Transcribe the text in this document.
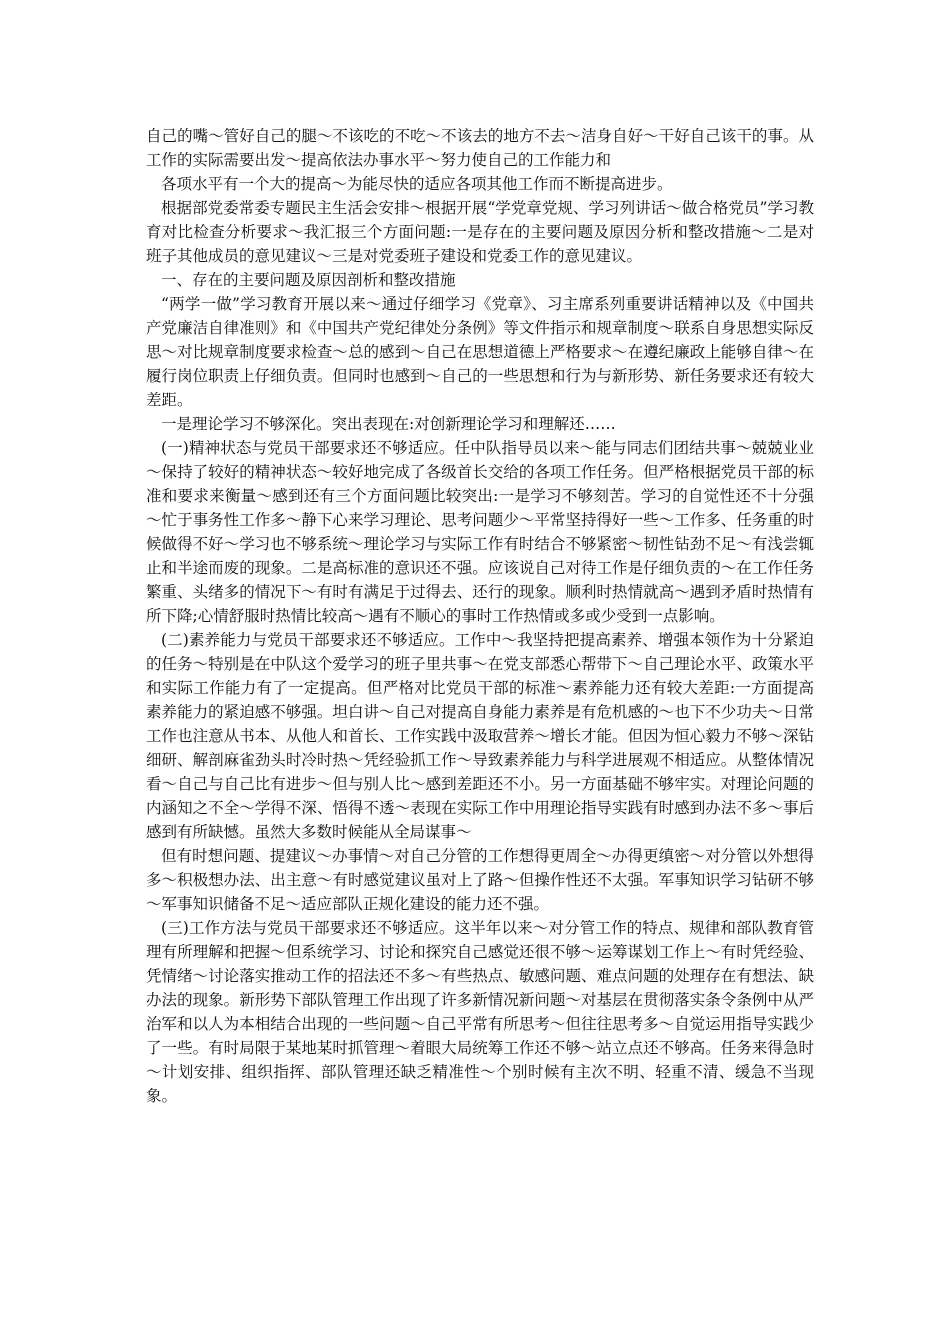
自己的嘴～管好自己的腿～不该吃的不吃～不该去的地方不去～洁身自好～干好自己该干的事。从工作的实际需要出发～提高依法办事水平～努力使自己的工作能力和

各项水平有一个大的提高～为能尽快的适应各项其他工作而不断提高进步。

根据部党委常委专题民主生活会安排～根据开展“学党章党规、学习列讲话～做合格党员”学习教育对比检查分析要求～我汇报三个方面问题:一是存在的主要问题及原因分析和整改措施～二是对班子其他成员的意见建议～三是对党委班子建设和党委工作的意见建议。

一、存在的主要问题及原因剖析和整改措施

“两学一做”学习教育开展以来～通过仔细学习《党章》、习主席系列重要讲话精神以及《中国共产党廉洁自律准则》和《中国共产党纪律处分条例》等文件指示和规章制度～联系自身思想实际反思～对比规章制度要求检查～总的感到～自己在思想道德上严格要求～在遵纪廉政上能够自律～在履行岗位职责上仔细负责。但同时也感到～自己的一些思想和行为与新形势、新任务要求还有较大差距。

一是理论学习不够深化。突出表现在:对创新理论学习和理解还……

(一)精神状态与党员干部要求还不够适应。任中队指导员以来～能与同志们团结共事～兢兢业业～保持了较好的精神状态～较好地完成了各级首长交给的各项工作任务。但严格根据党员干部的标准和要求来衡量～感到还有三个方面问题比较突出:一是学习不够刻苦。学习的自觉性还不十分强～忙于事务性工作多～静下心来学习理论、思考问题少～平常坚持得好一些～工作多、任务重的时候做得不好～学习也不够系统～理论学习与实际工作有时结合不够紧密～韧性钻劲不足～有浅尝辄止和半途而废的现象。二是高标准的意识还不强。应该说自己对待工作是仔细负责的～在工作任务繁重、头绪多的情况下～有时有满足于过得去、还行的现象。顺利时热情就高～遇到矛盾时热情有所下降;心情舒服时热情比较高～遇有不顺心的事时工作热情或多或少受到一点影响。

(二)素养能力与党员干部要求还不够适应。工作中～我坚持把提高素养、增强本领作为十分紧迫的任务～特别是在中队这个爱学习的班子里共事～在党支部悉心帮带下～自己理论水平、政策水平和实际工作能力有了一定提高。但严格对比党员干部的标准～素养能力还有较大差距:一方面提高素养能力的紧迫感不够强。坦白讲～自己对提高自身能力素养是有危机感的～也下不少功夫～日常工作也注意从书本、从他人和首长、工作实践中汲取营养～增长才能。但因为恒心毅力不够～深钻细研、解剖麻雀劲头时冷时热～凭经验抓工作～导致素养能力与科学进展观不相适应。从整体情况看～自己与自己比有进步～但与别人比～感到差距还不小。另一方面基础不够牢实。对理论问题的内涵知之不全～学得不深、悟得不透～表现在实际工作中用理论指导实践有时感到办法不多～事后感到有所缺憾。虽然大多数时候能从全局谋事～

但有时想问题、提建议～办事情～对自己分管的工作想得更周全～办得更缜密～对分管以外想得多～积极想办法、出主意～有时感觉建议虽对上了路～但操作性还不太强。军事知识学习钻研不够～军事知识储备不足～适应部队正规化建设的能力还不强。

(三)工作方法与党员干部要求还不够适应。这半年以来～对分管工作的特点、规律和部队教育管理有所理解和把握～但系统学习、讨论和探究自己感觉还很不够～运筹谋划工作上～有时凭经验、凭情绪～讨论落实推动工作的招法还不多～有些热点、敏感问题、难点问题的处理存在有想法、缺办法的现象。新形势下部队管理工作出现了许多新情况新问题～对基层在贯彻落实条令条例中从严治军和以人为本相结合出现的一些问题～自己平常有所思考～但往往思考多～自觉运用指导实践少了一些。有时局限于某地某时抓管理～着眼大局统筹工作还不够～站立点还不够高。任务来得急时～计划安排、组织指挥、部队管理还缺乏精准性～个别时候有主次不明、轻重不清、缓急不当现象。
